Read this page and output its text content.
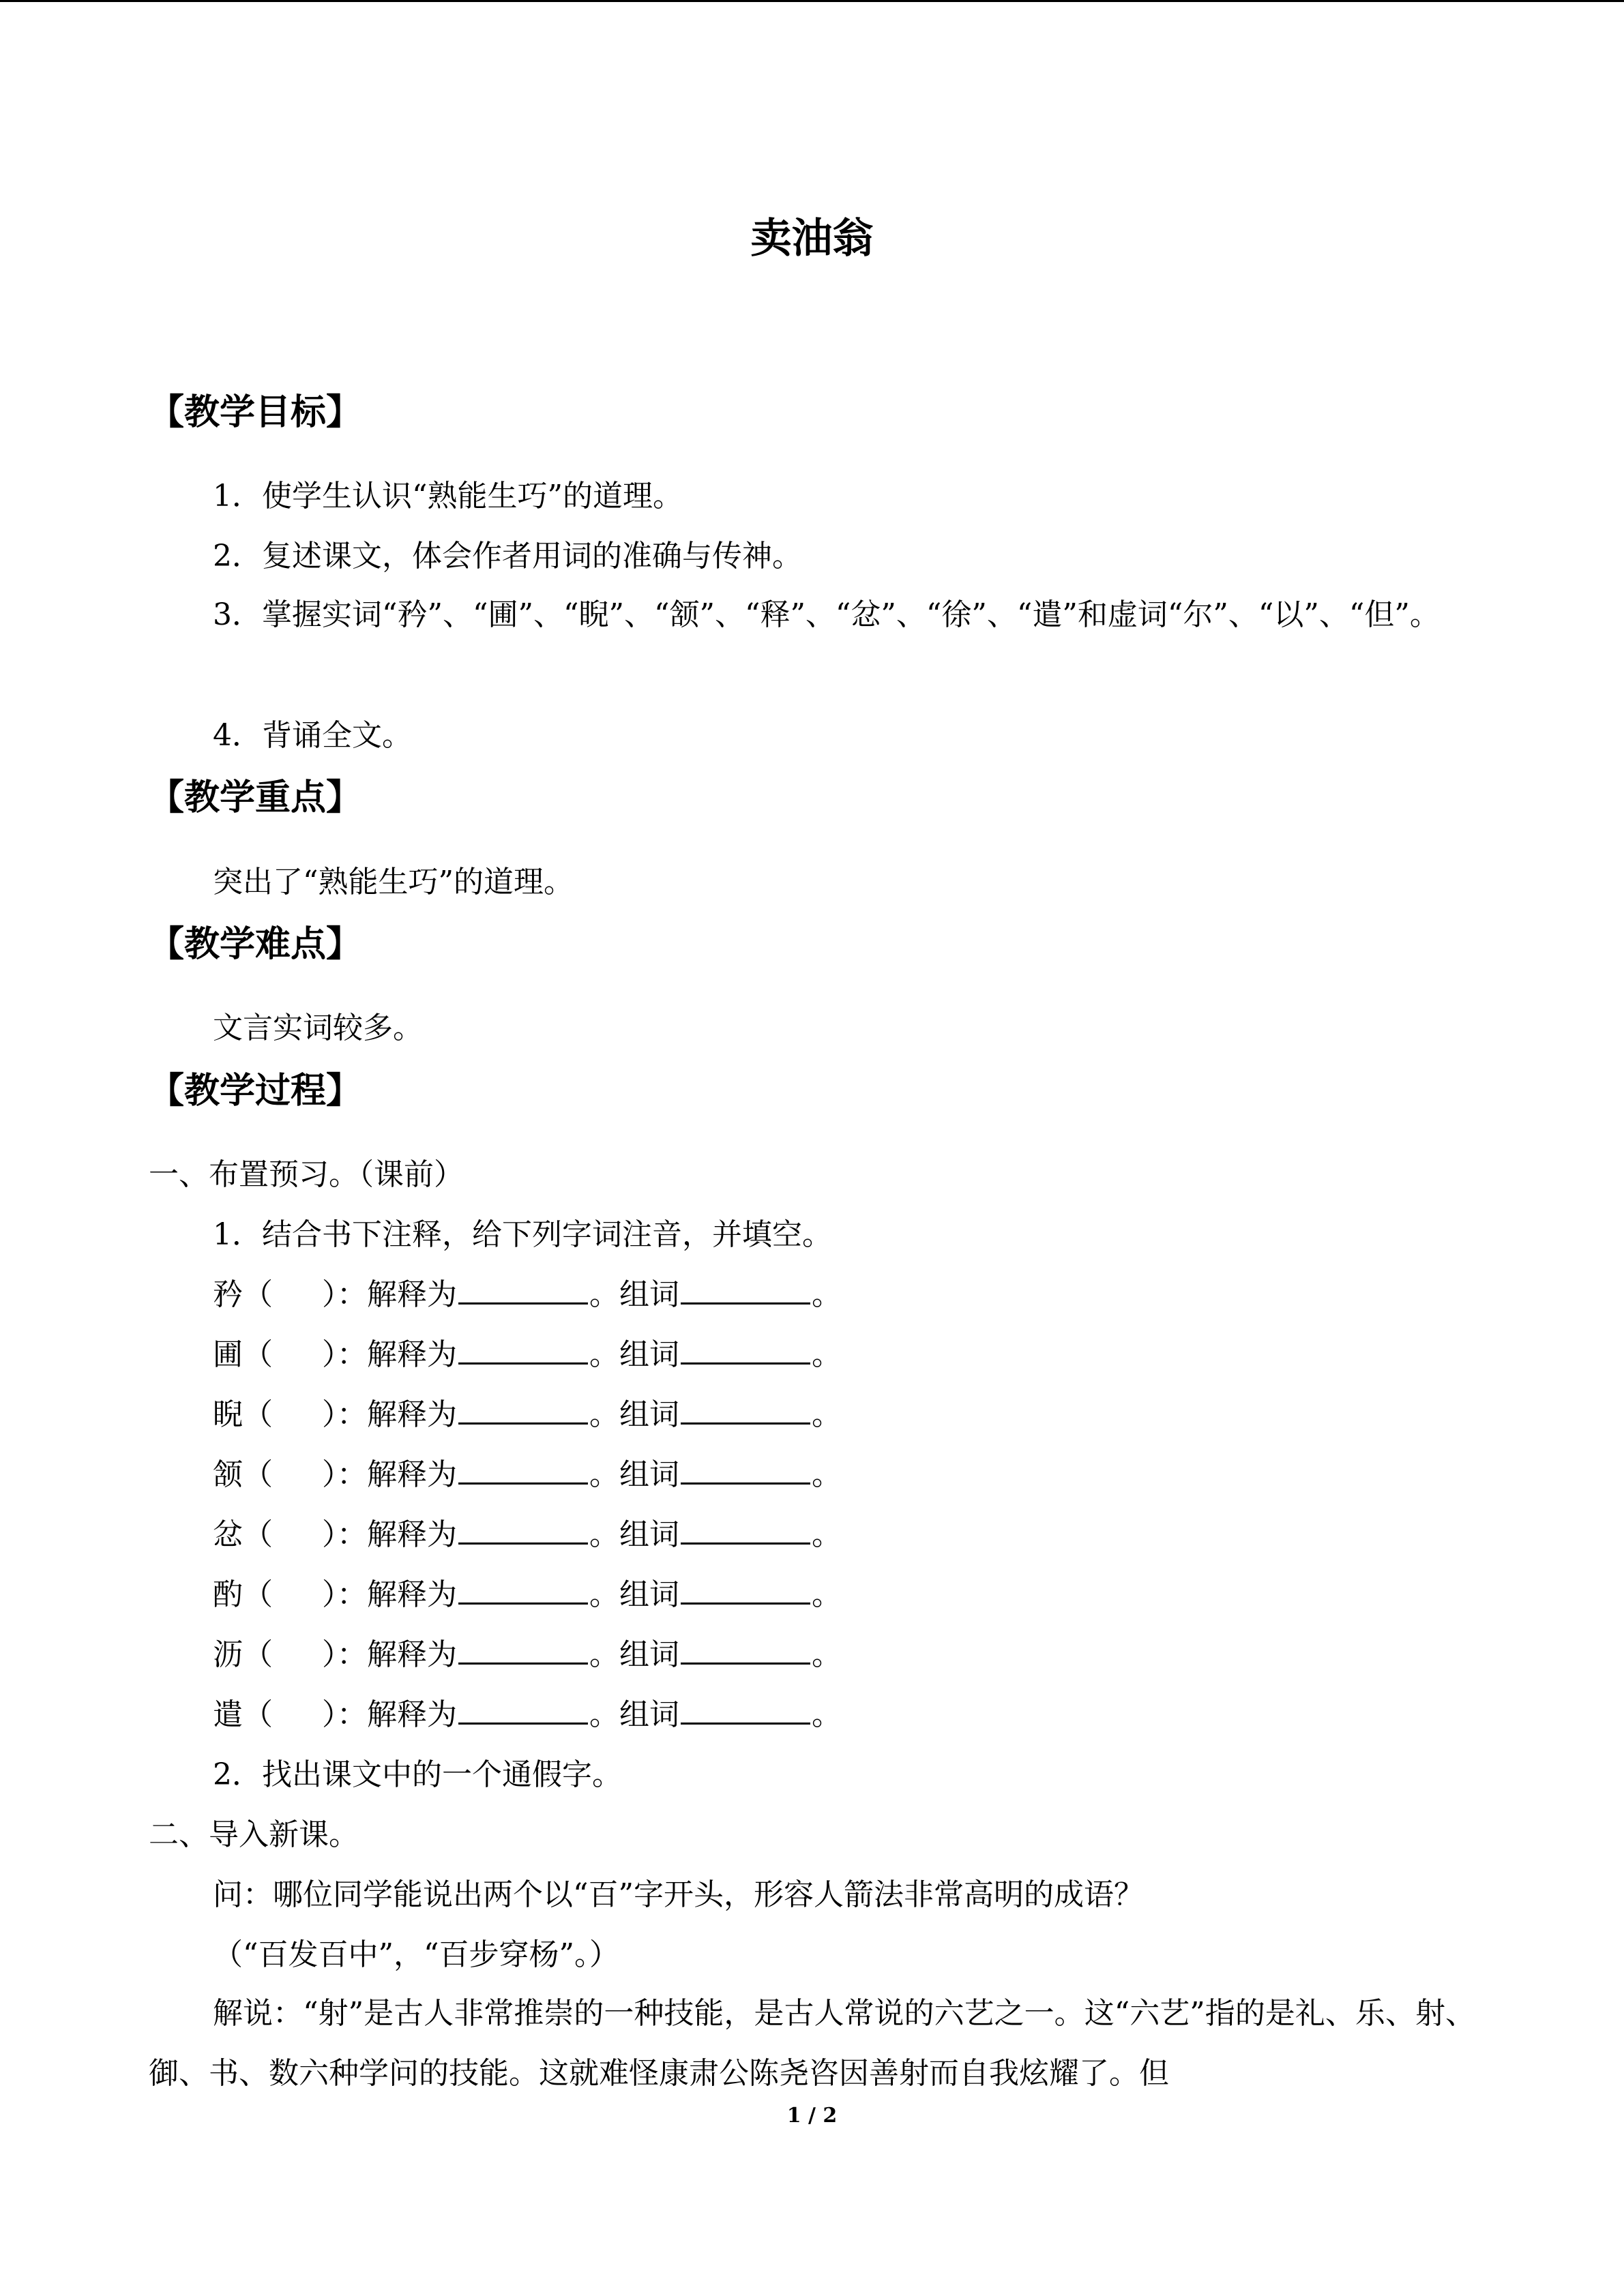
卖油翁
【教学目标】
1．使学生认识“熟能生巧”的道理。
2．复述课文，体会作者用词的准确与传神。
3．掌握实词“矜”、“圃”、“睨”、“颔”、“释”、“忿”、“徐”、“遣”和虚词“尔”、“以”、“但”。
4．背诵全文。
【教学重点】
突出了“熟能生巧”的道理。
【教学难点】
文言实词较多。
【教学过程】
一、布置预习。（课前）
1．结合书下注释，给下列字词注音，并填空。
矜（ ）：解释为	。组词	。
圃（ ）：解释为	。组词	。
睨（ ）：解释为	。组词	。
颔（ ）：解释为	。组词	。
忿（ ）：解释为	。组词	。
酌（ ）：解释为	。组词	。
沥（ ）：解释为	。组词	。
遣（ ）：解释为	。组词	。
2．找出课文中的一个通假字。
二、导入新课。
问：哪位同学能说出两个以“百”字开头，形容人箭法非常高明的成语？
（“百发百中”，“百步穿杨”。）
解说：“射”是古人非常推崇的一种技能，是古人常说的六艺之一。这“六艺”指的是礼、乐、射、御、书、数六种学问的技能。这就难怪康肃公陈尧咨因善射而自我炫耀了。但
1 / 2
